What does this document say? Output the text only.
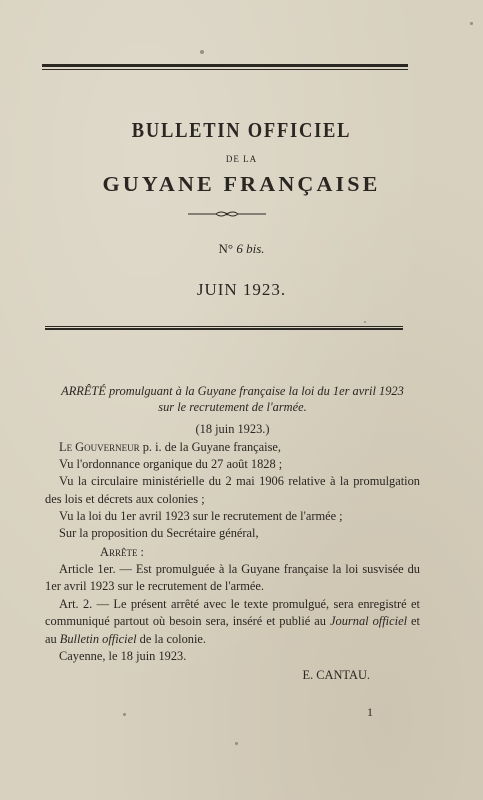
BULLETIN OFFICIEL
DE LA
GUYANE FRANÇAISE
N° 6 bis.
JUIN 1923.
ARRÊTÉ promulguant à la Guyane française la loi du 1er avril 1923 sur le recrutement de l'armée.
(18 juin 1923.)
Le Gouverneur p. i. de la Guyane française,
Vu l'ordonnance organique du 27 août 1828 ;
Vu la circulaire ministérielle du 2 mai 1906 relative à la promulgation des lois et décrets aux colonies ;
Vu la loi du 1er avril 1923 sur le recrutement de l'armée ;
Sur la proposition du Secrétaire général,
Arrête :
Article 1er. — Est promulguée à la Guyane française la loi susvisée du 1er avril 1923 sur le recrutement de l'armée.
Art. 2. — Le présent arrêté avec le texte promulgué, sera enregistré et communiqué partout où besoin sera, inséré et publié au Journal officiel et au Bulletin officiel de la colonie.
Cayenne, le 18 juin 1923.
E. CANTAU.
1
